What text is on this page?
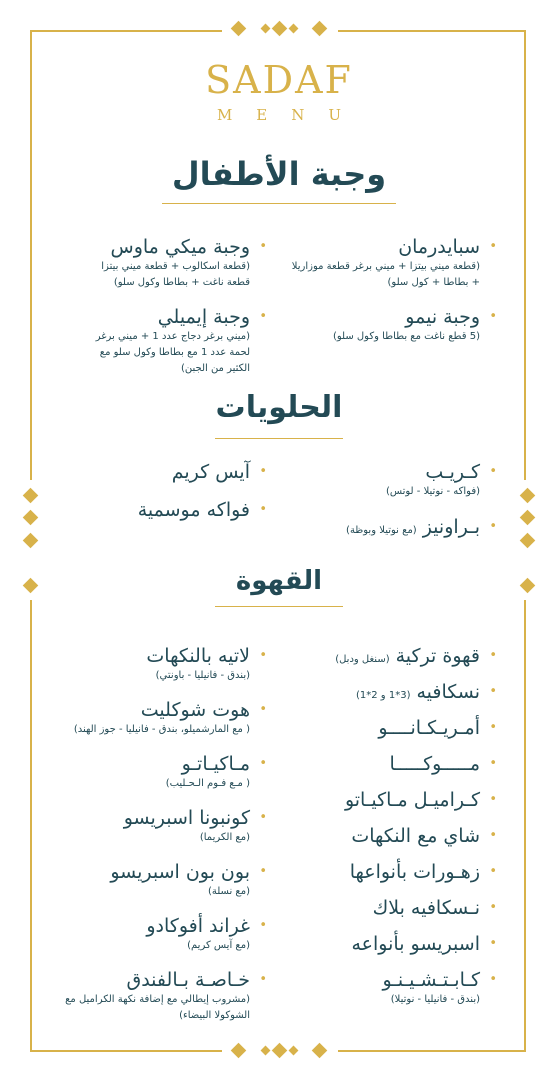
SADAF
MENU
وجبة الأطفال
•
سبايدرمان
(قطعة ميني بيتزا + ميني برغر قطعة موزاريلا + بطاطا + كول سلو)
•
وجبة نيمو
(5 قطع ناغت مع بطاطا وكول سلو)
•
وجبة ميكي ماوس
(قطعة اسكالوب + قطعة ميني بيتزا قطعة ناغت + بطاطا وكول سلو)
•
وجبة إيميلي
(ميني برغر دجاج عدد 1 + ميني برغر لحمة عدد 1 مع بطاطا وكول سلو مع الكثير من الجبن)
الحلويات
•
كـريـب
(فواكه - نوتيلا - لوتس)
•
بـراونيز(مع نوتيلا وبوظة)
•
آيس كريم
•
فواكه موسمية
القهوة
•
قهوة تركية(سنغل ودبل)
•
نسكافيه(3*1 و 2*1)
•
أمـريـكـانــــو
•
مـــــوكـــــا
•
كـراميـل مـاكيـاتو
•
شاي مع النكهات
•
زهـورات بأنواعها
•
نـسكافيه بلاك
•
اسبريسو بأنواعه
•
كـابـتـشـيـنـو
(بندق - فانيليا - نوتيلا)
•
لاتيه بالنكهات
(بندق - فانيليا - باونتي)
•
هوت شوكليت
( مع المارشميلو، بندق - فانيليا - جوز الهند)
•
مـاكيـاتـو
( مـع فـوم الـحـليب)
•
كونبونا اسبريسو
(مع الكريما)
•
بون بون اسبريسو
(مع نسلة)
•
غراند أفوكادو
(مع آيس كريم)
•
خـاصـة بـالفندق
(مشروب إيطالي مع إضافة نكهة الكراميل مع الشوكولا البيضاء)
